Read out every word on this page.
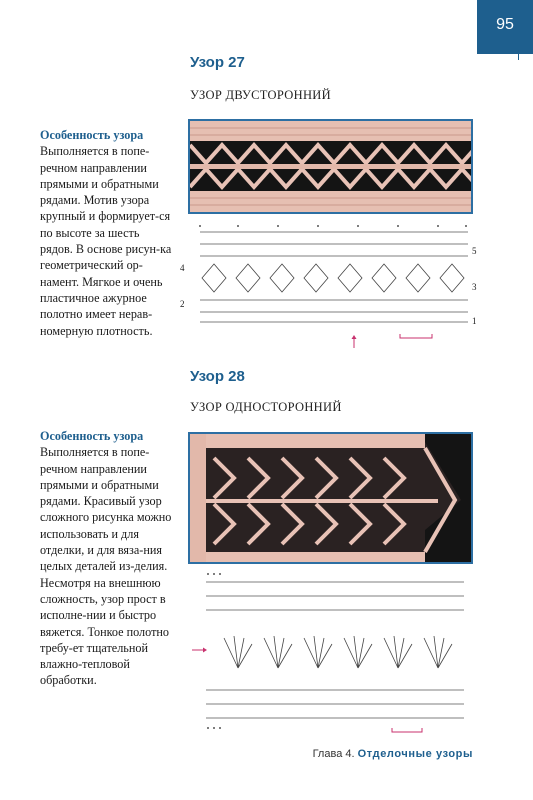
95
Узор 27
УЗОР ДВУСТОРОННИЙ
Особенность узора
Выполняется в попе-речном направлении прямыми и обратными рядами. Мотив узора крупный и формирует-ся по высоте за шесть рядов. В основе рисун-ка геометрический ор-намент. Мягкое и очень пластичное ажурное полотно имеет нерав-номерную плотность.
4
2
5
3
1
Узор 28
УЗОР ОДНОСТОРОННИЙ
Особенность узора
Выполняется в попе-речном направлении прямыми и обратными рядами. Красивый узор сложного рисунка можно использовать и для отделки, и для вяза-ния целых деталей из-делия. Несмотря на внешнюю сложность, узор прост в исполне-нии и быстро вяжется. Тонкое полотно требу-ет тщательной влажно-тепловой обработки.
Глава 4. Отделочные узоры
